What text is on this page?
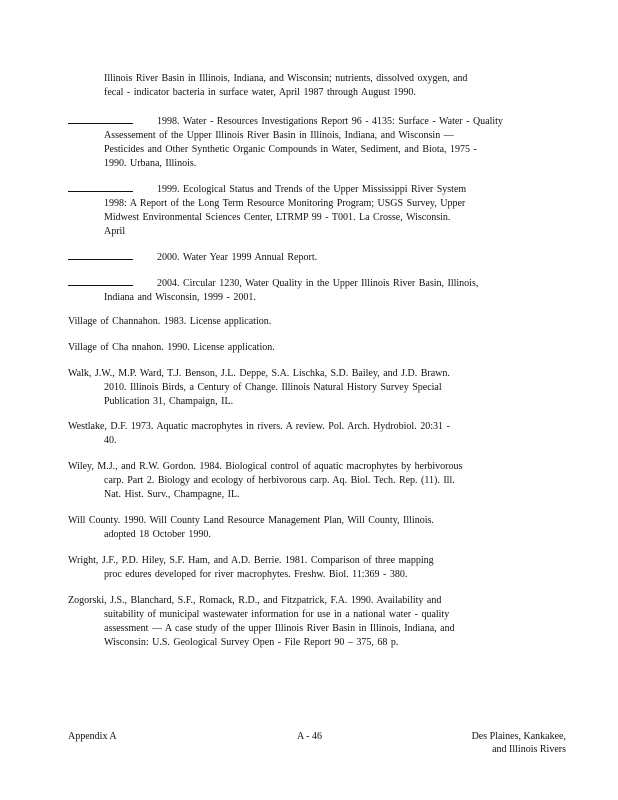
Illinois River Basin in Illinois, Indiana, and Wisconsin; nutrients, dissolved oxygen, and
fecal - indicator bacteria in surface water, April 1987 through August 1990.
1998. Water - Resources Investigations Report 96 - 4135: Surface - Water - Quality
Assessement of the Upper Illinois River Basin in Illinois, Indiana, and Wisconsin —
Pesticides and Other Synthetic Organic Compounds in Water, Sediment, and Biota, 1975 -
1990. Urbana, Illinois.
1999. Ecological Status and Trends of the Upper Mississippi River System
1998: A Report of the Long Term Resource Monitoring Program; USGS Survey, Upper
Midwest Environmental Sciences Center, LTRMP 99 - T001. La Crosse, Wisconsin.
April
2000. Water Year 1999 Annual Report.
2004. Circular 1230, Water Quality in the Upper Illinois River Basin, Illinois,
Indiana and Wisconsin, 1999 - 2001.
Village of Channahon. 1983. License application.
Village of Cha nnahon. 1990. License application.
Walk, J.W., M.P. Ward, T.J. Benson, J.L. Deppe, S.A. Lischka, S.D. Bailey, and J.D. Brawn.
2010. Illinois Birds, a Century of Change. Illinois Natural History Survey Special
Publication 31, Champaign, IL.
Westlake, D.F. 1973. Aquatic macrophytes in rivers. A review. Pol. Arch. Hydrobiol. 20:31 -
40.
Wiley, M.J., and R.W. Gordon. 1984. Biological control of aquatic macrophytes by herbivorous
carp. Part 2. Biology and ecology of herbivorous carp. Aq. Biol. Tech. Rep. (11). Ill.
Nat. Hist. Surv., Champagne, IL.
Will County. 1990. Will County Land Resource Management Plan, Will County, Illinois.
adopted 18 October 1990.
Wright, J.F., P.D. Hiley, S.F. Ham, and A.D. Berrie. 1981. Comparison of three mapping
proc edures developed for river macrophytes. Freshw. Biol. 11:369 - 380.
Zogorski, J.S., Blanchard, S.F., Romack, R.D., and Fitzpatrick, F.A. 1990. Availability and
suitability of municipal wastewater information for use in a national water - quality
assessment — A case study of the upper Illinois River Basin in Illinois, Indiana, and
Wisconsin: U.S. Geological Survey Open - File Report 90 – 375, 68 p.
Appendix A	A - 46	Des Plaines, Kankakee,
and Illinois Rivers
